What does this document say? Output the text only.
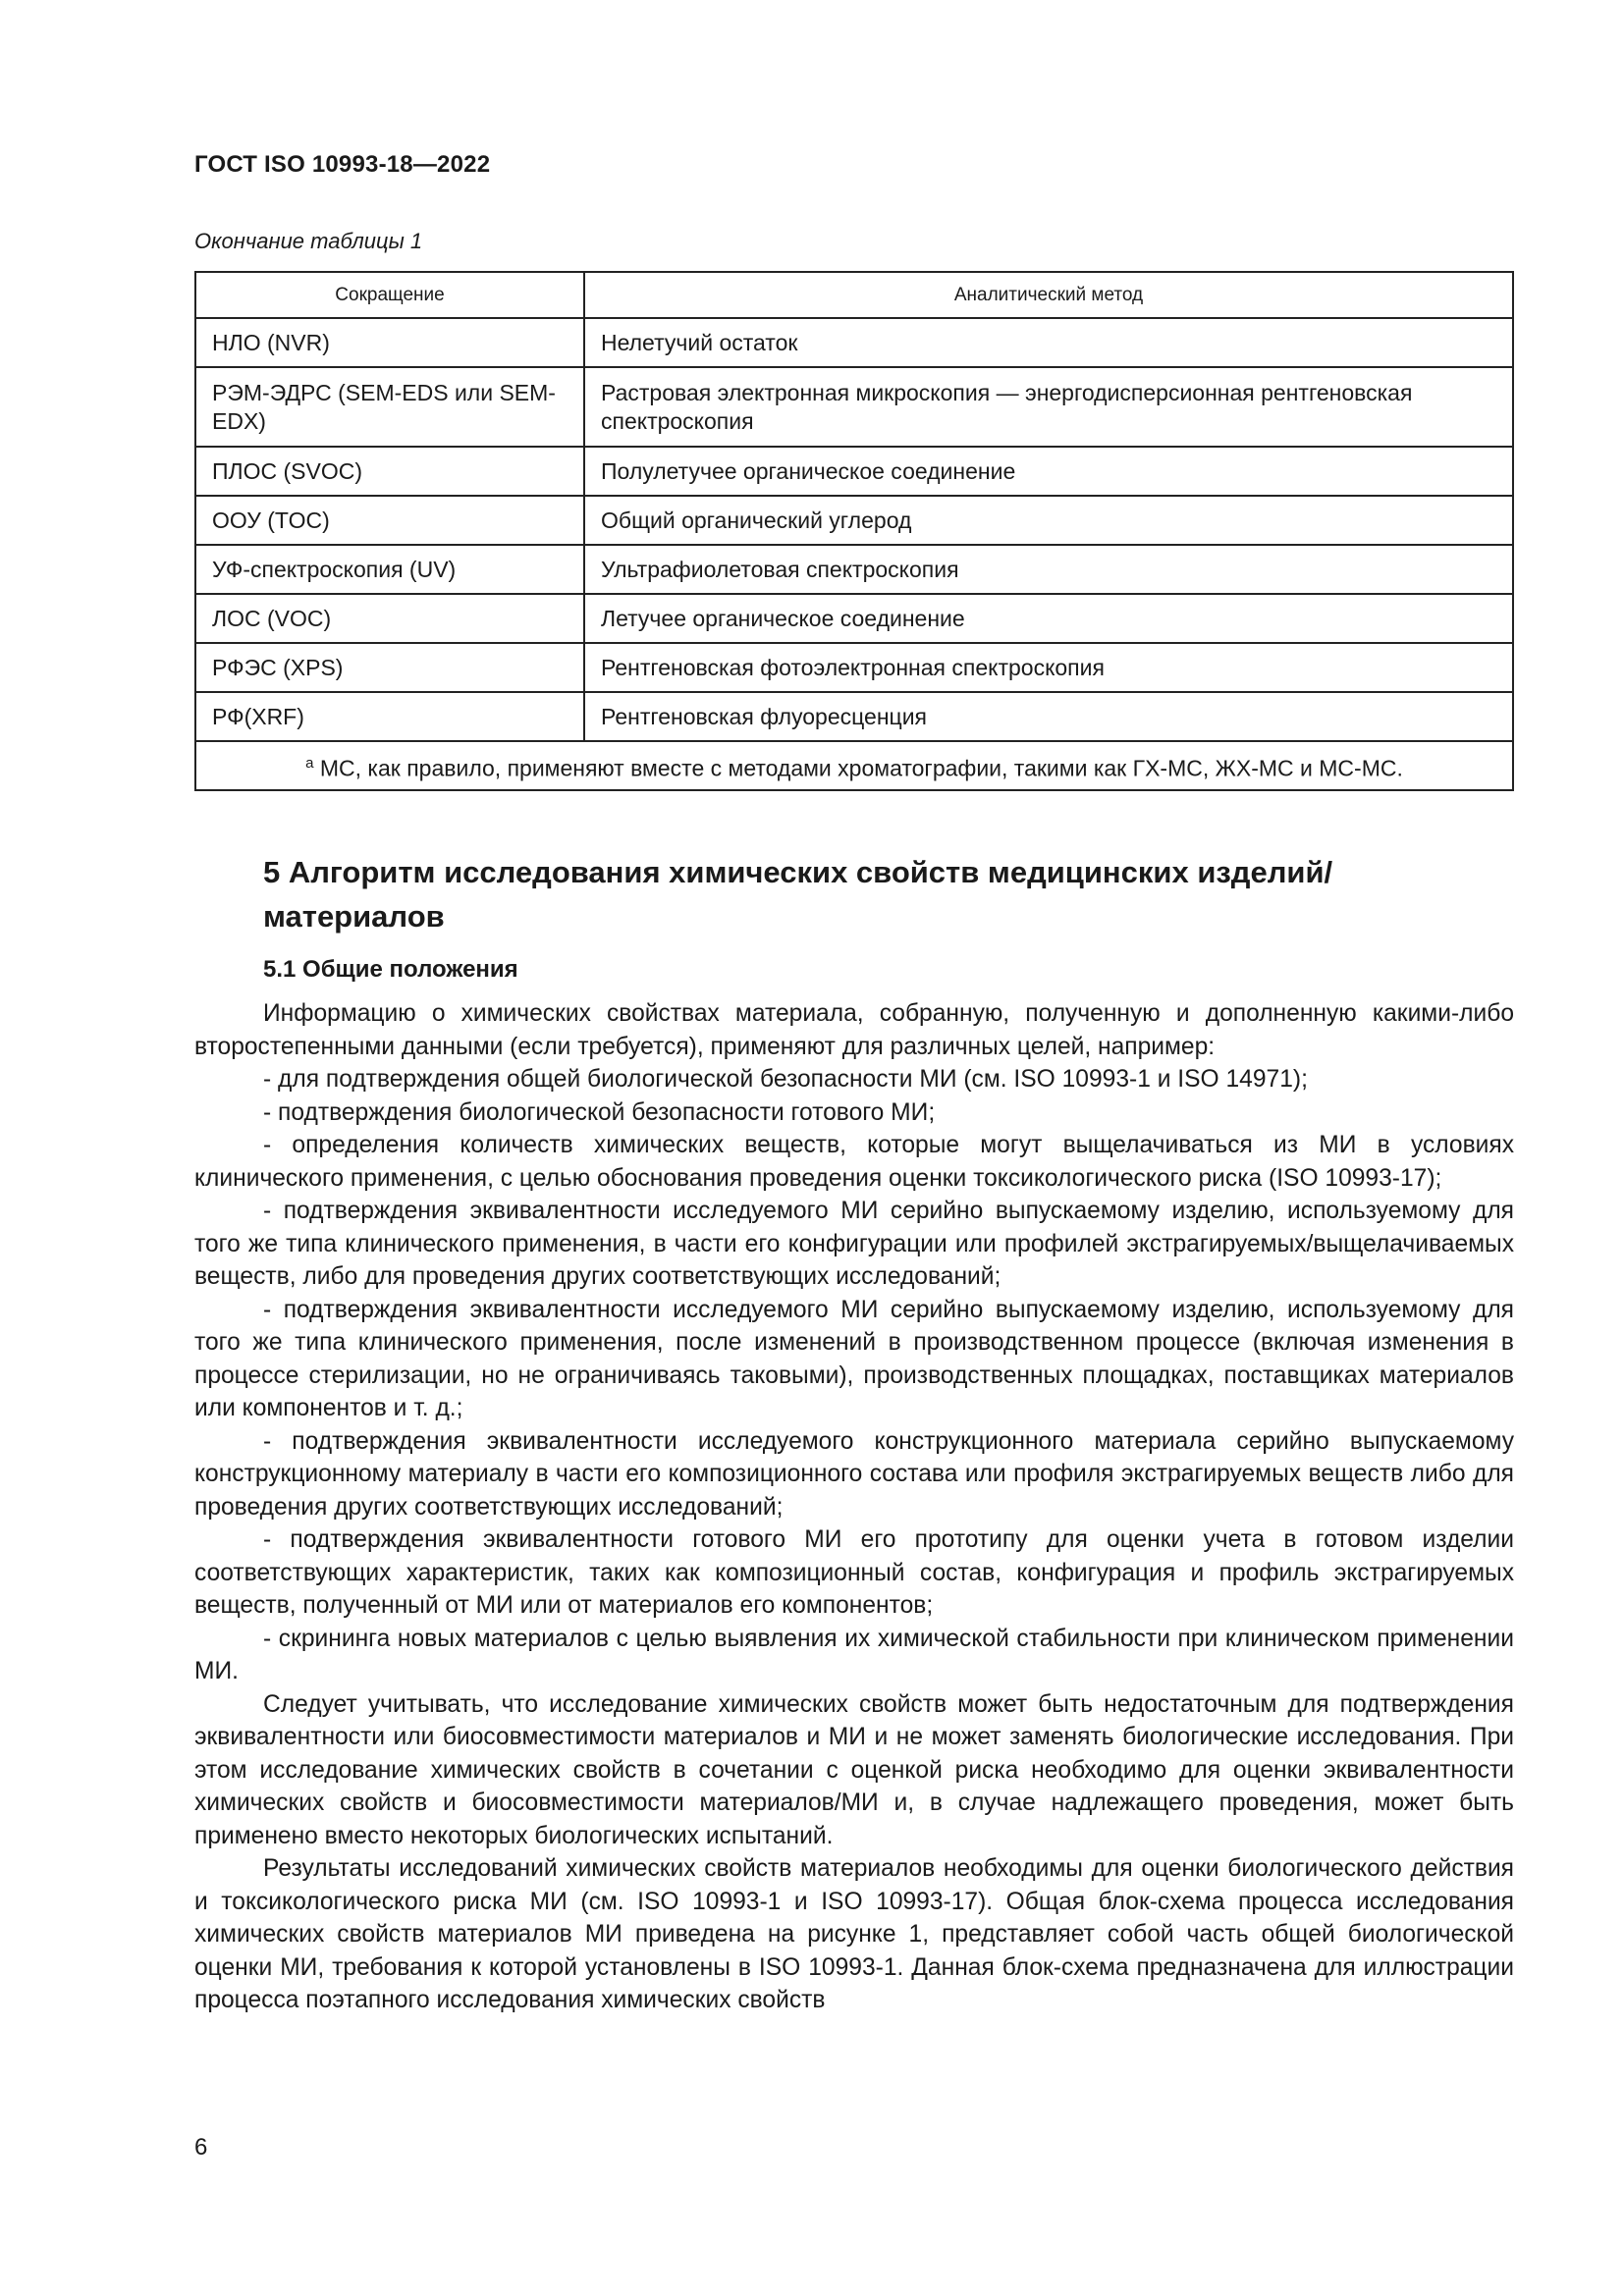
ГОСТ ISO 10993-18—2022
Окончание таблицы 1
Сокращение	Аналитический метод
НЛО (NVR)	Нелетучий остаток
РЭМ-ЭДРС (SEM-EDS или SEM-EDX)	Растровая электронная микроскопия — энергодисперсионная рентгеновская спектроскопия
ПЛОС (SVOC)	Полулетучее органическое соединение
ООУ (TOC)	Общий органический углерод
УФ-спектроскопия (UV)	Ультрафиолетовая спектроскопия
ЛОС (VOC)	Летучее органическое соединение
РФЭС (XPS)	Рентгеновская фотоэлектронная спектроскопия
РФ(XRF)	Рентгеновская флуоресценция
$^а$ МС, как правило, применяют вместе с методами хроматографии, такими как ГХ-МС, ЖХ-МС и МС-МС.	
5 Алгоритм исследования химических свойств медицинских изделий/ материалов
5.1 Общие положения

Информацию о химических свойствах материала, собранную, полученную и дополненную какими-либо второстепенными данными (если требуется), применяют для различных целей, например:

- для подтверждения общей биологической безопасности МИ (см. ISO 10993-1 и ISO 14971);

- подтверждения биологической безопасности готового МИ;

- определения количеств химических веществ, которые могут выщелачиваться из МИ в условиях клинического применения, с целью обоснования проведения оценки токсикологического риска (ISO 10993-17);

- подтверждения эквивалентности исследуемого МИ серийно выпускаемому изделию, используемому для того же типа клинического применения, в части его конфигурации или профилей экстрагируемых/выщелачиваемых веществ, либо для проведения других соответствующих исследований;

- подтверждения эквивалентности исследуемого МИ серийно выпускаемому изделию, используемому для того же типа клинического применения, после изменений в производственном процессе (включая изменения в процессе стерилизации, но не ограничиваясь таковыми), производственных площадках, поставщиках материалов или компонентов и т. д.;

- подтверждения эквивалентности исследуемого конструкционного материала серийно выпускаемому конструкционному материалу в части его композиционного состава или профиля экстрагируемых веществ либо для проведения других соответствующих исследований;

- подтверждения эквивалентности готового МИ его прототипу для оценки учета в готовом изделии соответствующих характеристик, таких как композиционный состав, конфигурация и профиль экстрагируемых веществ, полученный от МИ или от материалов его компонентов;

- скрининга новых материалов с целью выявления их химической стабильности при клиническом применении МИ.

Следует учитывать, что исследование химических свойств может быть недостаточным для подтверждения эквивалентности или биосовместимости материалов и МИ и не может заменять биологические исследования. При этом исследование химических свойств в сочетании с оценкой риска необходимо для оценки эквивалентности химических свойств и биосовместимости материалов/МИ и, в случае надлежащего проведения, может быть применено вместо некоторых биологических испытаний.

Результаты исследований химических свойств материалов необходимы для оценки биологического действия и токсикологического риска МИ (см. ISO 10993-1 и ISO 10993-17). Общая блок-схема процесса исследования химических свойств материалов МИ приведена на рисунке 1, представляет собой часть общей биологической оценки МИ, требования к которой установлены в ISO 10993-1. Данная блок-схема предназначена для иллюстрации процесса поэтапного исследования химических свойств

6
